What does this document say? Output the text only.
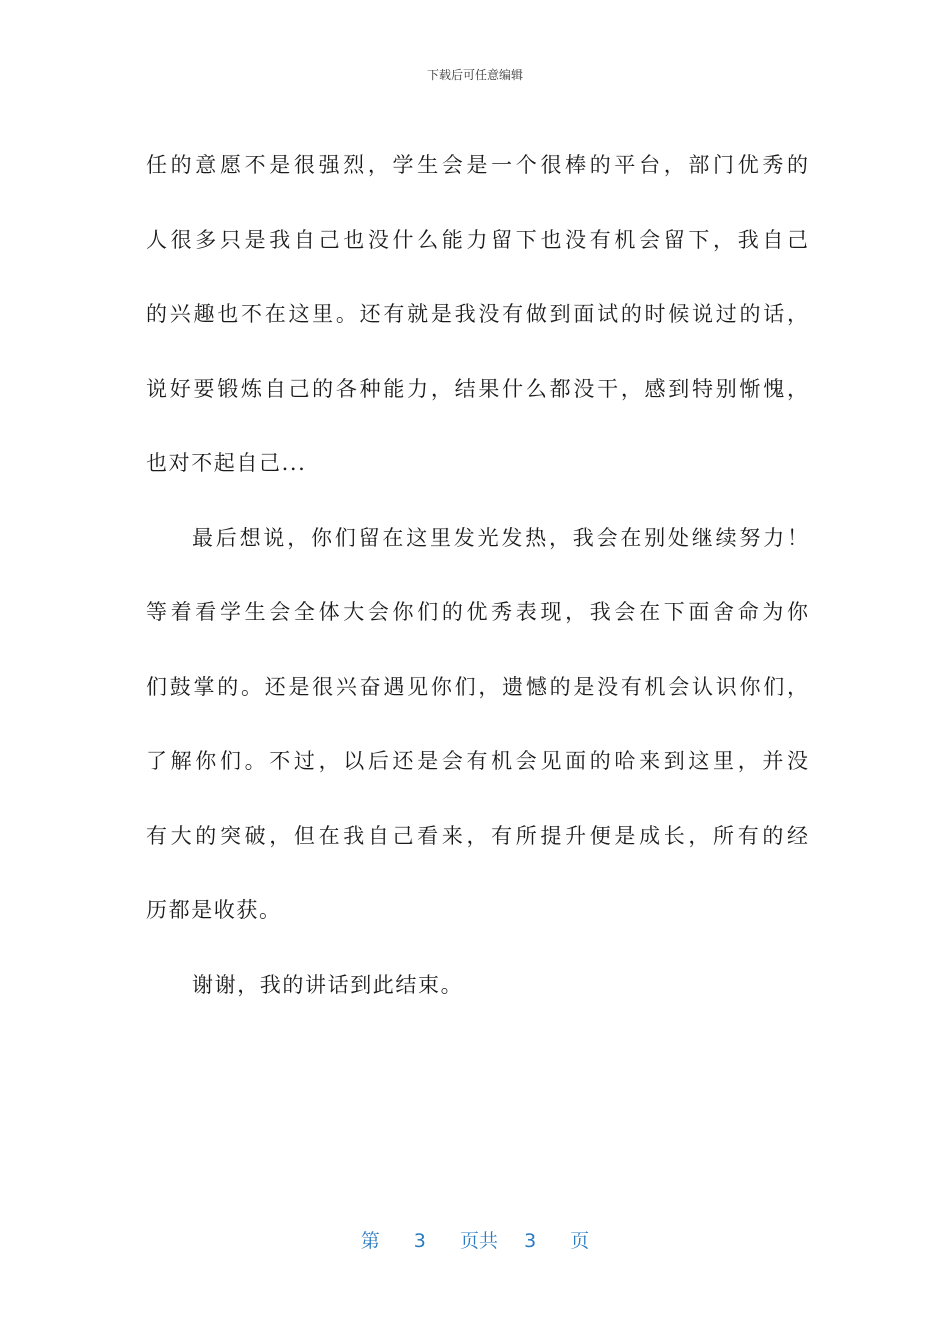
下载后可任意编辑
任的意愿不是很强烈，学生会是一个很棒的平台，部门优秀的
人很多只是我自己也没什么能力留下也没有机会留下，我自己
的兴趣也不在这里。还有就是我没有做到面试的时候说过的话，
说好要锻炼自己的各种能力，结果什么都没干，感到特别惭愧，
也对不起自己...
最后想说，你们留在这里发光发热，我会在别处继续努力！
等着看学生会全体大会你们的优秀表现，我会在下面舍命为你
们鼓掌的。还是很兴奋遇见你们，遗憾的是没有机会认识你们，
了解你们。不过，以后还是会有机会见面的哈来到这里，并没
有大的突破，但在我自己看来，有所提升便是成长，所有的经
历都是收获。
谢谢，我的讲话到此结束。
第 3 页共 3 页
